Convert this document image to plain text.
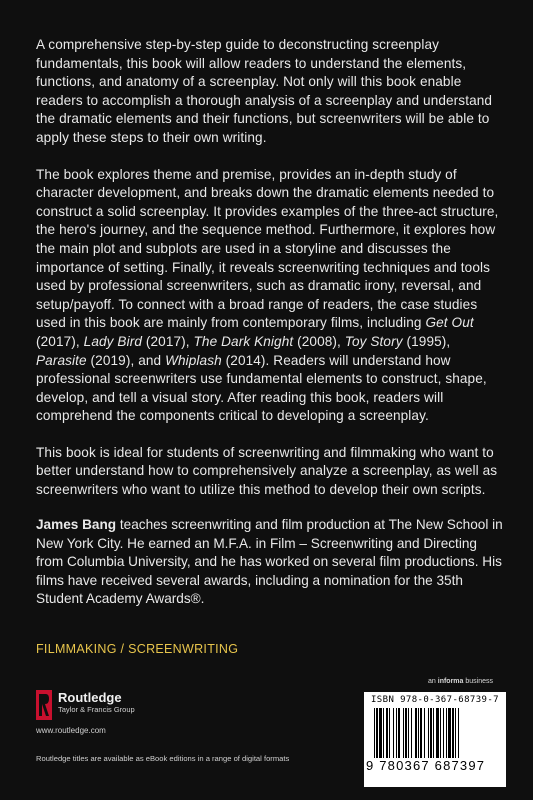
A comprehensive step-by-step guide to deconstructing screenplay fundamentals, this book will allow readers to understand the elements, functions, and anatomy of a screenplay. Not only will this book enable readers to accomplish a thorough analysis of a screenplay and understand the dramatic elements and their functions, but screenwriters will be able to apply these steps to their own writing.

The book explores theme and premise, provides an in-depth study of character development, and breaks down the dramatic elements needed to construct a solid screenplay. It provides examples of the three-act structure, the hero's journey, and the sequence method. Furthermore, it explores how the main plot and subplots are used in a storyline and discusses the importance of setting. Finally, it reveals screenwriting techniques and tools used by professional screenwriters, such as dramatic irony, reversal, and setup/payoff. To connect with a broad range of readers, the case studies used in this book are mainly from contemporary films, including Get Out (2017), Lady Bird (2017), The Dark Knight (2008), Toy Story (1995), Parasite (2019), and Whiplash (2014). Readers will understand how professional screenwriters use fundamental elements to construct, shape, develop, and tell a visual story. After reading this book, readers will comprehend the components critical to developing a screenplay.

This book is ideal for students of screenwriting and filmmaking who want to better understand how to comprehensively analyze a screenplay, as well as screenwriters who want to utilize this method to develop their own scripts.

James Bang teaches screenwriting and film production at The New School in New York City. He earned an M.F.A. in Film – Screenwriting and Directing from Columbia University, and he has worked on several film productions. His films have received several awards, including a nomination for the 35th Student Academy Awards®.

FILMMAKING / SCREENWRITING
an informa business
Routledge
Taylor & Francis Group
www.routledge.com
Routledge titles are available as eBook editions in a range of digital formats
ISBN 978-0-367-68739-7
9 780367 687397
